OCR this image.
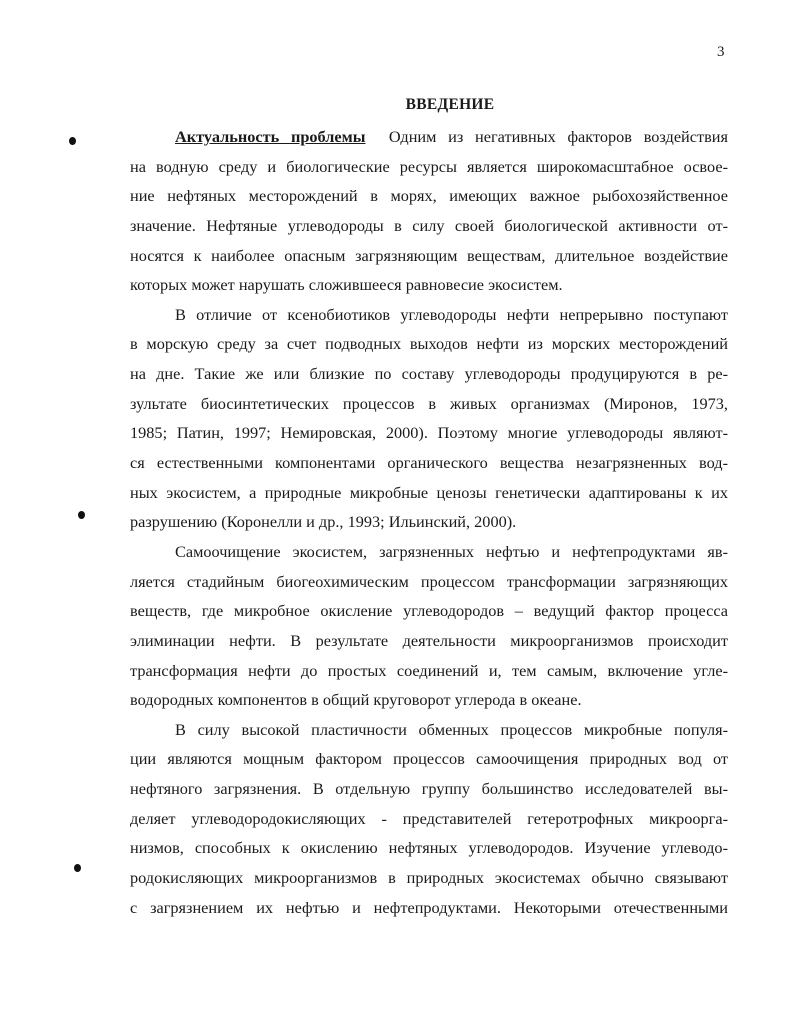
3
ВВЕДЕНИЕ
Актуальность проблемы Одним из негативных факторов воздействия
на водную среду и биологические ресурсы является широкомасштабное освое-
ние нефтяных месторождений в морях, имеющих важное рыбохозяйственное
значение. Нефтяные углеводороды в силу своей биологической активности от-
носятся к наиболее опасным загрязняющим веществам, длительное воздействие
которых может нарушать сложившееся равновесие экосистем.
В отличие от ксенобиотиков углеводороды нефти непрерывно поступают
в морскую среду за счет подводных выходов нефти из морских месторождений
на дне. Такие же или близкие по составу углеводороды продуцируются в ре-
зультате биосинтетических процессов в живых организмах (Миронов, 1973,
1985; Патин, 1997; Немировская, 2000). Поэтому многие углеводороды являют-
ся естественными компонентами органического вещества незагрязненных вод-
ных экосистем, а природные микробные ценозы генетически адаптированы к их
разрушению (Коронелли и др., 1993; Ильинский, 2000).
Самоочищение экосистем, загрязненных нефтью и нефтепродуктами яв-
ляется стадийным биогеохимическим процессом трансформации загрязняющих
веществ, где микробное окисление углеводородов – ведущий фактор процесса
элиминации нефти. В результате деятельности микроорганизмов происходит
трансформация нефти до простых соединений и, тем самым, включение угле-
водородных компонентов в общий круговорот углерода в океане.
В силу высокой пластичности обменных процессов микробные популя-
ции являются мощным фактором процессов самоочищения природных вод от
нефтяного загрязнения. В отдельную группу большинство исследователей вы-
деляет углеводородокисляющих - представителей гетеротрофных микроорга-
низмов, способных к окислению нефтяных углеводородов. Изучение углеводо-
родокисляющих микроорганизмов в природных экосистемах обычно связывают
с загрязнением их нефтью и нефтепродуктами. Некоторыми отечественными
